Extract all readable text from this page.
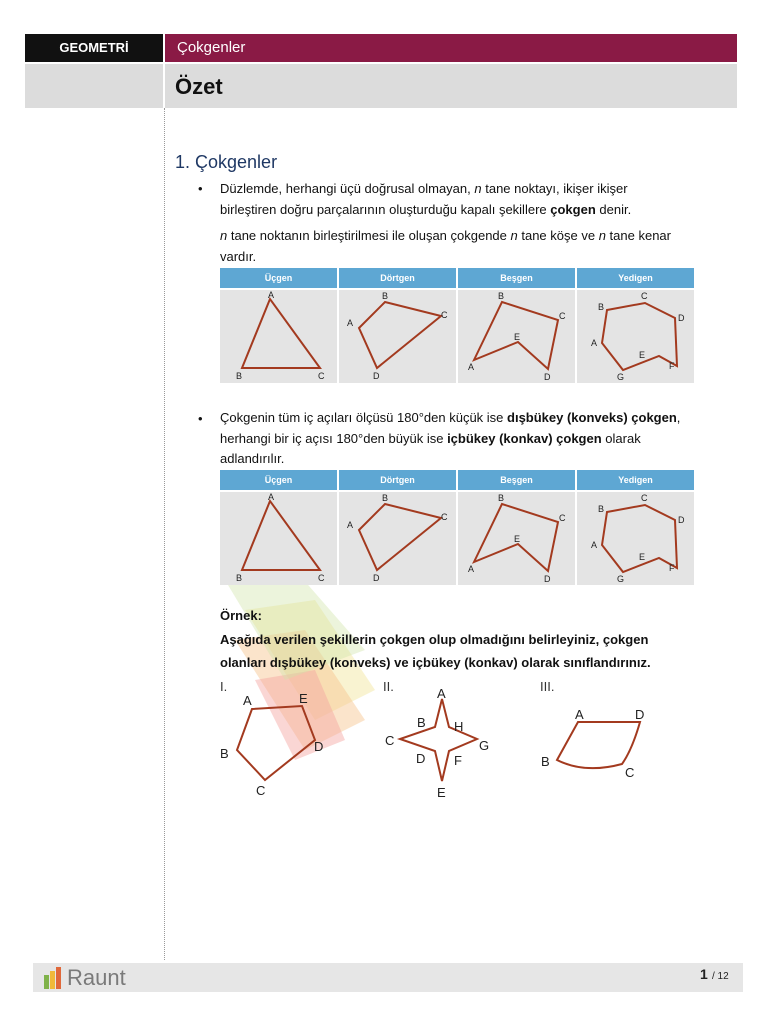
GEOMETRİ	Çokgenler
Özet
1. Çokgenler
• Düzlemde, herhangi üçü doğrusal olmayan, n tane noktayı, ikişer ikişer
birleştiren doğru parçalarının oluşturduğu kapalı şekillere çokgen denir.
n tane noktanın birleştirilmesi ile oluşan çokgende n tane köşe ve n tane kenar
vardır.
Üçgen
A
B	C
Dörtgen
A
B
C
D
Beşgen
A
B
C
D
E
Yedigen
A
B
C
D
E
F
G
• Çokgenin tüm iç açıları ölçüsü 180°den küçük ise dışbükey (konveks) çokgen,
herhangi bir iç açısı 180°den büyük ise içbükey (konkav) çokgen olarak
adlandırılır.
Üçgen
A
B	C
Dörtgen
A
B
C
D
Beşgen
A
B
C
D
E
Yedigen
A
B
C
D
E
F
G
Örnek:
Aşağıda verilen şekillerin çokgen olup olmadığını belirleyiniz, çokgen
olanları dışbükey (konveks) ve içbükey (konkav) olarak sınıflandırınız.
I.	II.	III.
A	E
B	D
C
A
B H
C	G
D F
E
A	D
B
C
Raunt	1 / 12
